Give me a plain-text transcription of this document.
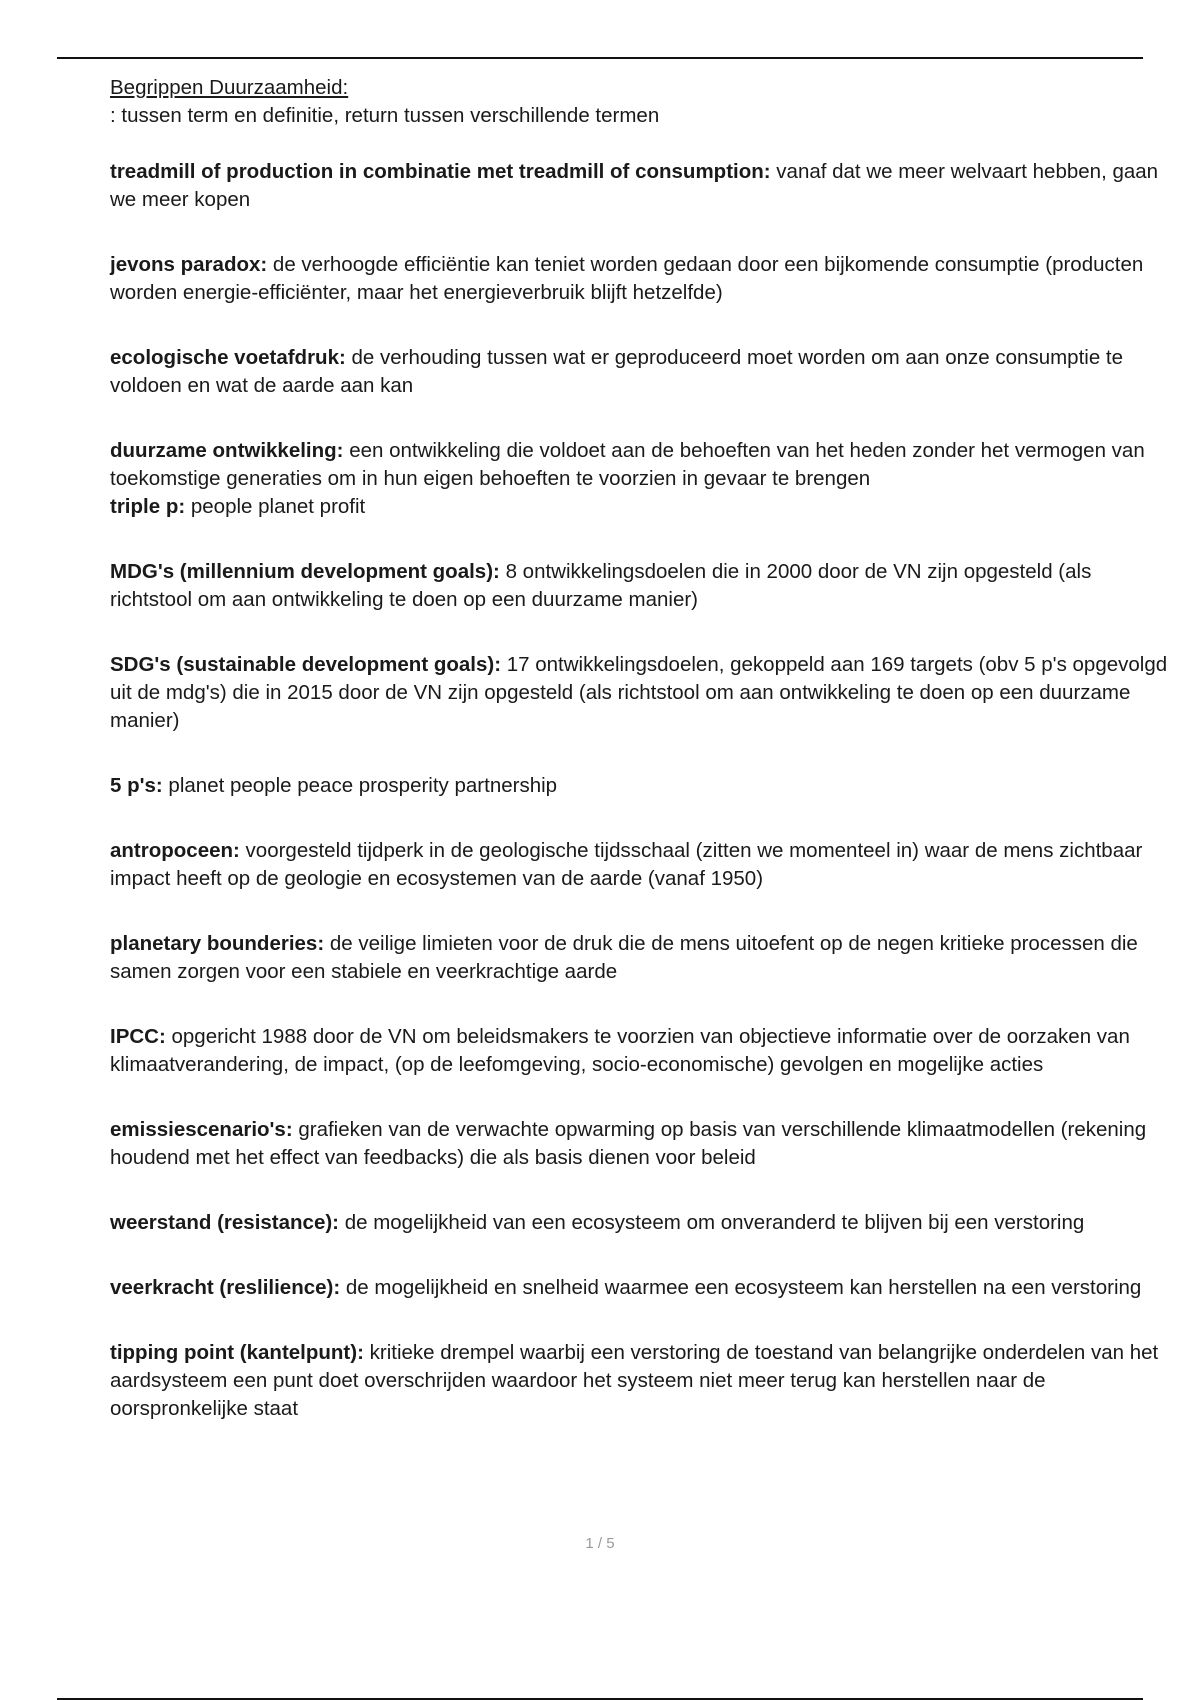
Begrippen Duurzaamheid:
: tussen term en definitie, return tussen verschillende termen

treadmill of production in combinatie met treadmill of consumption: vanaf dat we meer welvaart hebben, gaan we meer kopen

jevons paradox: de verhoogde efficiëntie kan teniet worden gedaan door een bijkomende consumptie (producten worden energie-efficiënter, maar het energieverbruik blijft hetzelfde)

ecologische voetafdruk: de verhouding tussen wat er geproduceerd moet worden om aan onze consumptie te voldoen en wat de aarde aan kan

duurzame ontwikkeling: een ontwikkeling die voldoet aan de behoeften van het heden zonder het vermogen van toekomstige generaties om in hun eigen behoeften te voorzien in gevaar te brengen

triple p: people planet profit

MDG's (millennium development goals): 8 ontwikkelingsdoelen die in 2000 door de VN zijn opgesteld (als richtstool om aan ontwikkeling te doen op een duurzame manier)

SDG's (sustainable development goals): 17 ontwikkelingsdoelen, gekoppeld aan 169 targets (obv 5 p's opgevolgd uit de mdg's) die in 2015 door de VN zijn opgesteld (als richtstool om aan ontwikkeling te doen op een duurzame manier)

5 p's: planet people peace prosperity partnership

antropoceen: voorgesteld tijdperk in de geologische tijdsschaal (zitten we momenteel in) waar de mens zichtbaar impact heeft op de geologie en ecosystemen van de aarde (vanaf 1950)

planetary bounderies: de veilige limieten voor de druk die de mens uitoefent op de negen kritieke processen die samen zorgen voor een stabiele en veerkrachtige aarde

IPCC: opgericht 1988 door de VN om beleidsmakers te voorzien van objectieve informatie over de oorzaken van klimaatverandering, de impact, (op de leefomgeving, socio-economische) gevolgen en mogelijke acties

emissiescenario's: grafieken van de verwachte opwarming op basis van verschillende klimaatmodellen (rekening houdend met het effect van feedbacks) die als basis dienen voor beleid

weerstand (resistance): de mogelijkheid van een ecosysteem om onveranderd te blijven bij een verstoring

veerkracht (reslilience): de mogelijkheid en snelheid waarmee een ecosysteem kan herstellen na een verstoring

tipping point (kantelpunt): kritieke drempel waarbij een verstoring de toestand van belangrijke onderdelen van het aardsysteem een punt doet overschrijden waardoor het systeem niet meer terug kan herstellen naar de oorspronkelijke staat

1 / 5
